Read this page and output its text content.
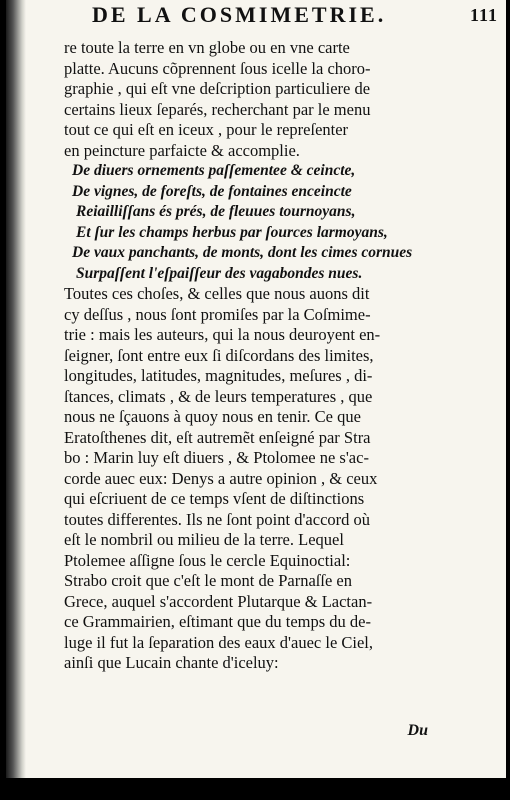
DE LA COSMIMETRIE.	111
re toute la terre en vn globe ou en vne carte
platte. Aucuns cõprennent ſous icelle la choro-
graphie , qui eſt vne deſcription particuliere de
certains lieux ſeparés, recherchant par le menu
tout ce qui eſt en iceux , pour le repreſenter
en peincture parfaicte & accomplie.
De diuers ornements paſſementee & ceincte,
De vignes, de foreſts, de fontaines enceincte
Reiailliſſans és prés, de fleuues tournoyans,
Et ſur les champs herbus par ſources larmoyans,
De vaux panchants, de monts, dont les cimes cornues
Surpaſſent l'eſpaiſſeur des vagabondes nues.
Toutes ces choſes, & celles que nous auons dit
cy deſſus , nous ſont promiſes par la Coſmime-
trie : mais les auteurs, qui la nous deuroyent en-
ſeigner, ſont entre eux ſi diſcordans des limites,
longitudes, latitudes, magnitudes, meſures , di-
ſtances, climats , & de leurs temperatures , que
nous ne ſçauons à quoy nous en tenir. Ce que
Eratoſthenes dit, eſt autremẽt enſeigné par Stra
bo : Marin luy eſt diuers , & Ptolomee ne s'ac-
corde auec eux: Denys a autre opinion , & ceux
qui eſcriuent de ce temps vſent de diſtinctions
toutes differentes. Ils ne ſont point d'accord où
eſt le nombril ou milieu de la terre. Lequel
Ptolemee aſſigne ſous le cercle Equinoctial:
Strabo croit que c'eſt le mont de Parnaſſe en
Grece, auquel s'accordent Plutarque & Lactan-
ce Grammairien, eſtimant que du temps du de-
luge il fut la ſeparation des eaux d'auec le Ciel,
ainſi que Lucain chante d'iceluy:
Du
